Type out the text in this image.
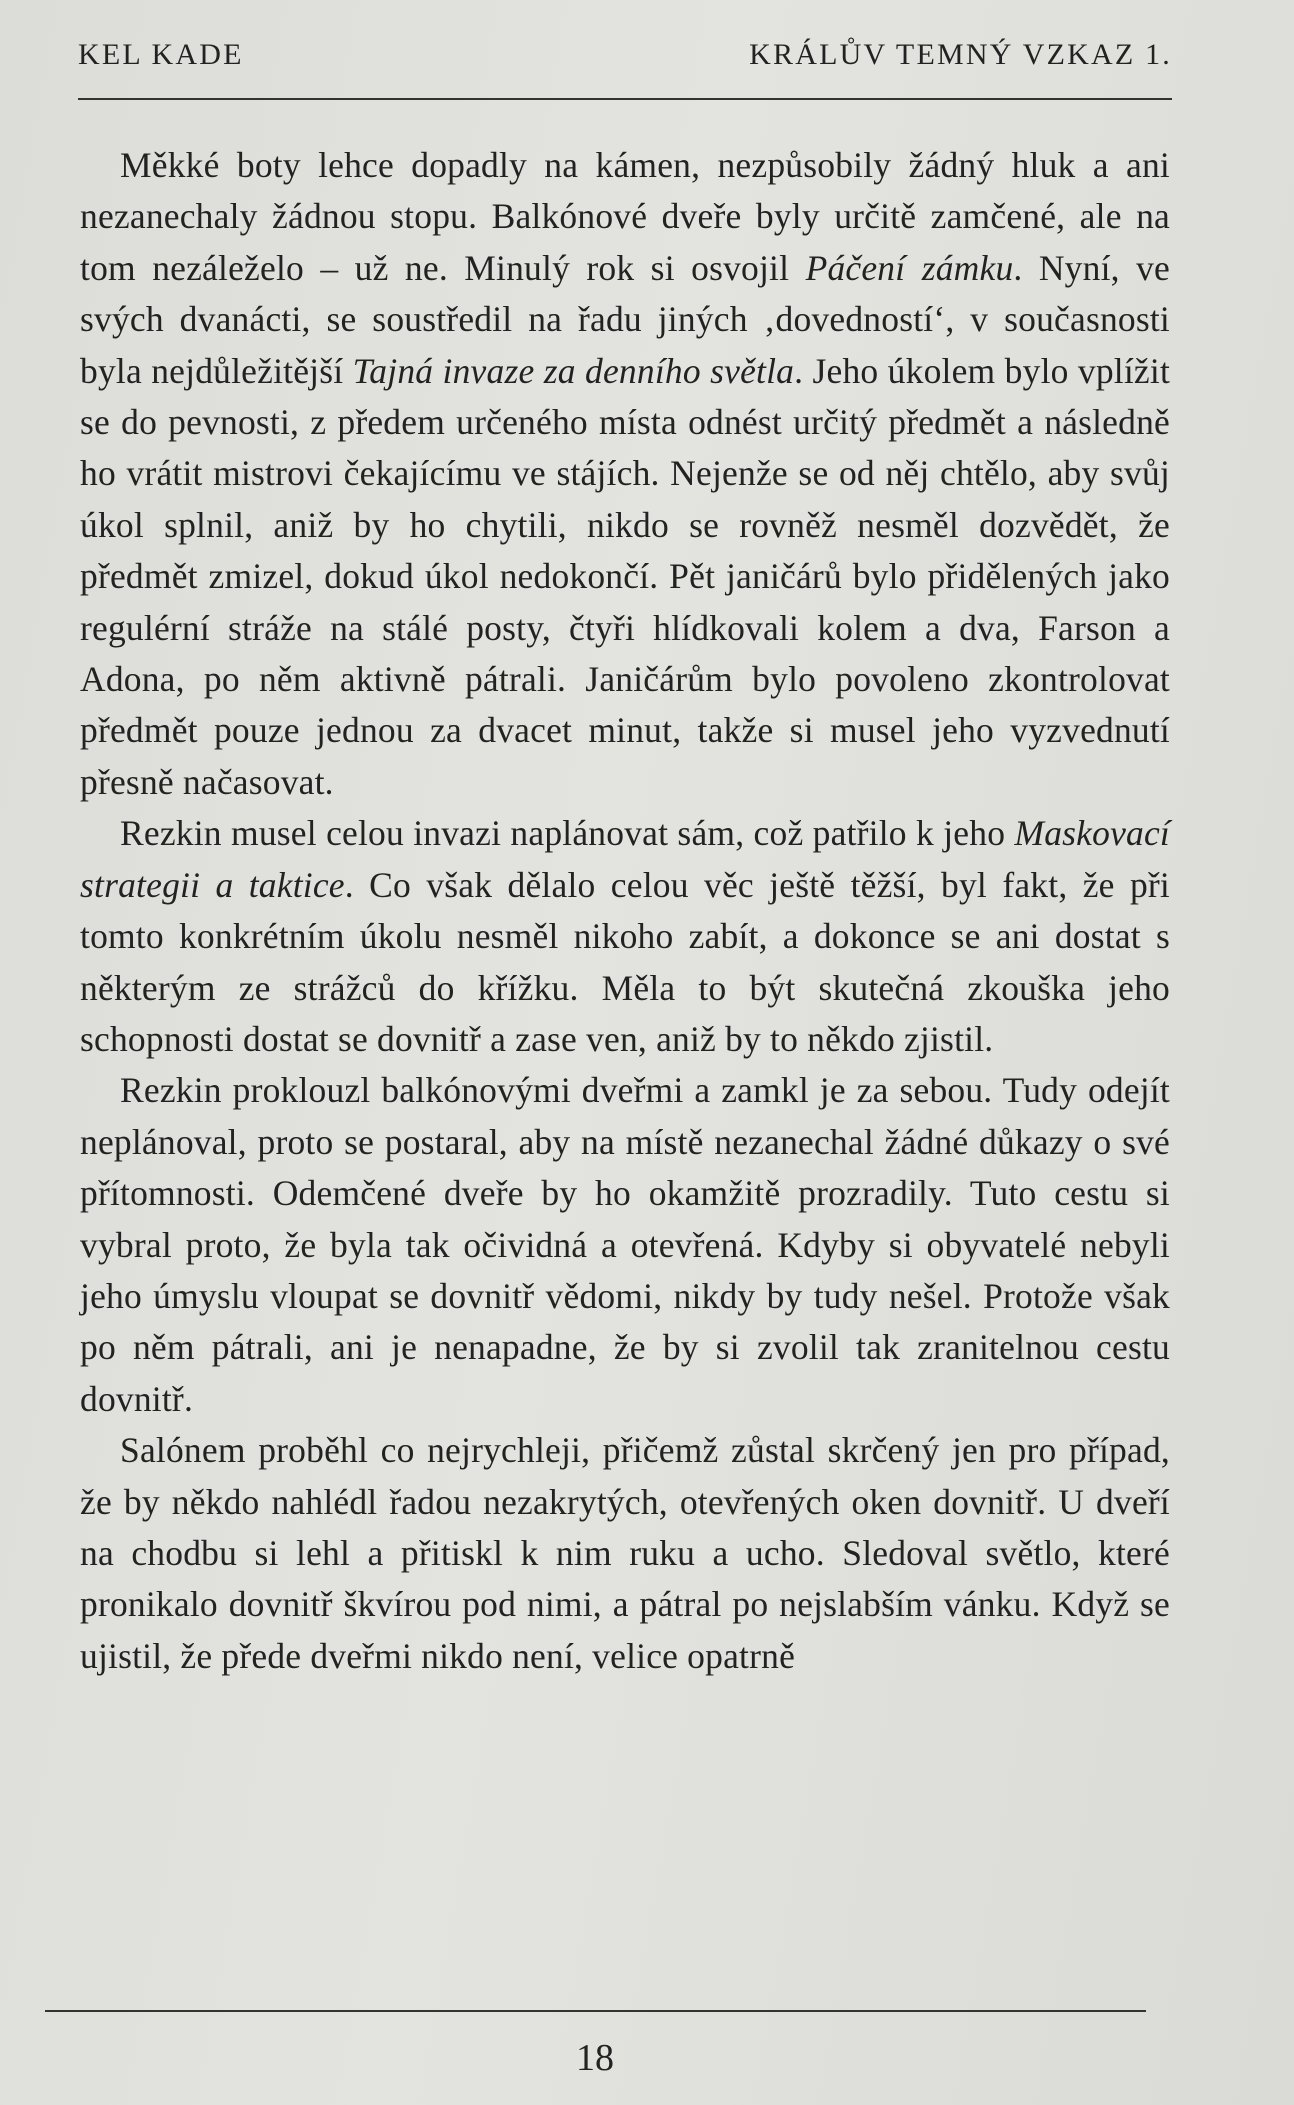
KEL KADE	KRÁLŮV TEMNÝ VZKAZ 1.

Měkké boty lehce dopadly na kámen, nezpůsobily žádný hluk a ani nezanechaly žádnou stopu. Balkónové dveře byly určitě zamčené, ale na tom nezáleželo – už ne. Minulý rok si osvojil Páčení zámku. Nyní, ve svých dvanácti, se soustředil na řadu jiných ‚dovedností‘, v současnosti byla nejdůležitější Tajná invaze za denního světla. Jeho úkolem bylo vplížit se do pevnosti, z předem určeného místa odnést určitý předmět a následně ho vrátit mistrovi čekajícímu ve stájích. Nejenže se od něj chtělo, aby svůj úkol splnil, aniž by ho chytili, nikdo se rovněž nesměl dozvědět, že předmět zmizel, dokud úkol nedokončí. Pět janičárů bylo přidělených jako regulérní stráže na stálé posty, čtyři hlídkovali kolem a dva, Farson a Adona, po něm aktivně pátrali. Janičárům bylo povoleno zkontrolovat předmět pouze jednou za dvacet minut, takže si musel jeho vyzvednutí přesně načasovat.

Rezkin musel celou invazi naplánovat sám, což patřilo k jeho Maskovací strategii a taktice. Co však dělalo celou věc ještě těžší, byl fakt, že při tomto konkrétním úkolu nesměl nikoho zabít, a dokonce se ani dostat s některým ze strážců do křížku. Měla to být skutečná zkouška jeho schopnosti dostat se dovnitř a zase ven, aniž by to někdo zjistil.

Rezkin proklouzl balkónovými dveřmi a zamkl je za sebou. Tudy odejít neplánoval, proto se postaral, aby na místě nezanechal žádné důkazy o své přítomnosti. Odemčené dveře by ho okamžitě prozradily. Tuto cestu si vybral proto, že byla tak očividná a otevřená. Kdyby si obyvatelé nebyli jeho úmyslu vloupat se dovnitř vědomi, nikdy by tudy nešel. Protože však po něm pátrali, ani je nenapadne, že by si zvolil tak zranitelnou cestu dovnitř.

Salónem proběhl co nejrychleji, přičemž zůstal skrčený jen pro případ, že by někdo nahlédl řadou nezakrytých, otevřených oken dovnitř. U dveří na chodbu si lehl a přitiskl k nim ruku a ucho. Sledoval světlo, které pronikalo dovnitř škvírou pod nimi, a pátral po nejslabším vánku. Když se ujistil, že přede dveřmi nikdo není, velice opatrně

18
